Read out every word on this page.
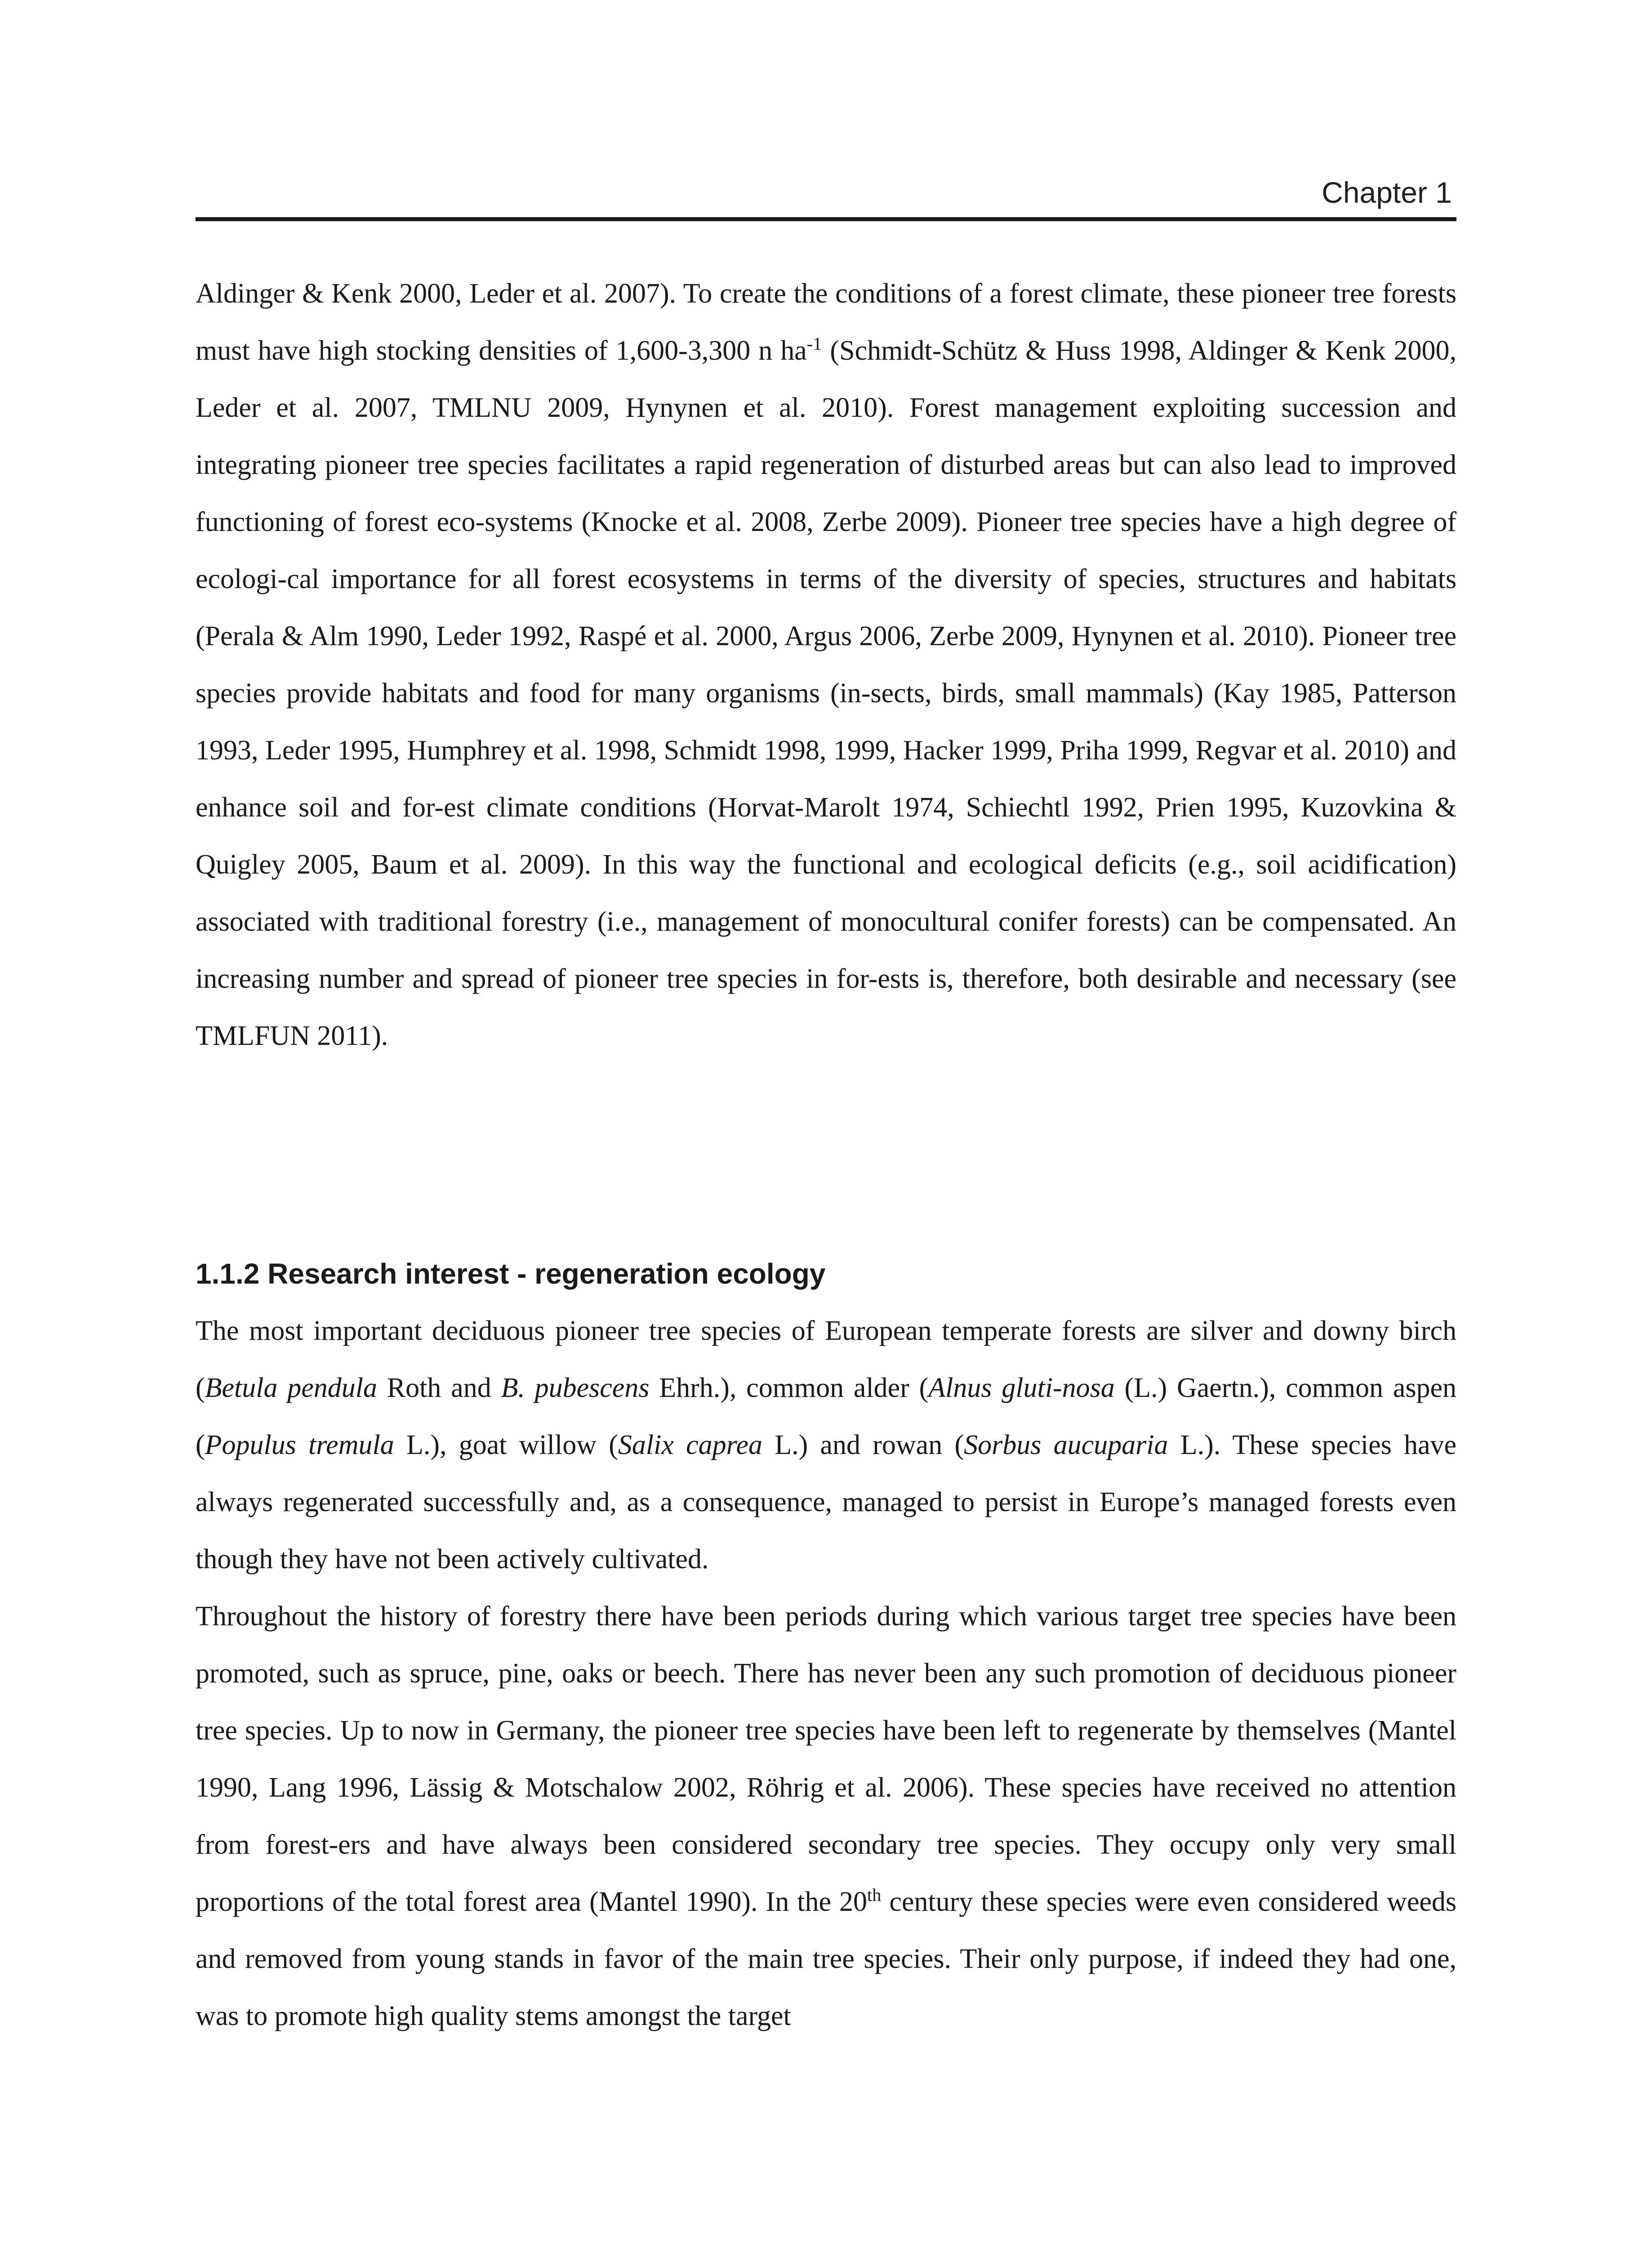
Chapter 1

Aldinger & Kenk 2000, Leder et al. 2007). To create the conditions of a forest climate, these pioneer tree forests must have high stocking densities of 1,600-3,300 n $ha^{-1}$ (Schmidt-Schütz & Huss 1998, Aldinger & Kenk 2000, Leder et al. 2007, TMLNU 2009, Hynynen et al. 2010). Forest management exploiting succession and integrating pioneer tree species facilitates a rapid regeneration of disturbed areas but can also lead to improved functioning of forest eco-systems (Knocke et al. 2008, Zerbe 2009). Pioneer tree species have a high degree of ecologi-cal importance for all forest ecosystems in terms of the diversity of species, structures and habitats (Perala & Alm 1990, Leder 1992, Raspé et al. 2000, Argus 2006, Zerbe 2009, Hynynen et al. 2010). Pioneer tree species provide habitats and food for many organisms (in-sects, birds, small mammals) (Kay 1985, Patterson 1993, Leder 1995, Humphrey et al. 1998, Schmidt 1998, 1999, Hacker 1999, Priha 1999, Regvar et al. 2010) and enhance soil and for-est climate conditions (Horvat-Marolt 1974, Schiechtl 1992, Prien 1995, Kuzovkina & Quigley 2005, Baum et al. 2009). In this way the functional and ecological deficits (e.g., soil acidification) associated with traditional forestry (i.e., management of monocultural conifer forests) can be compensated. An increasing number and spread of pioneer tree species in for-ests is, therefore, both desirable and necessary (see TMLFUN 2011).

1.1.2 Research interest - regeneration ecology

The most important deciduous pioneer tree species of European temperate forests are silver and downy birch (Betula pendula Roth and B. pubescens Ehrh.), common alder (Alnus gluti-nosa (L.) Gaertn.), common aspen (Populus tremula L.), goat willow (Salix caprea L.) and rowan (Sorbus aucuparia L.). These species have always regenerated successfully and, as a consequence, managed to persist in Europe’s managed forests even though they have not been actively cultivated.

Throughout the history of forestry there have been periods during which various target tree species have been promoted, such as spruce, pine, oaks or beech. There has never been any such promotion of deciduous pioneer tree species. Up to now in Germany, the pioneer tree species have been left to regenerate by themselves (Mantel 1990, Lang 1996, Lässig & Motschalow 2002, Röhrig et al. 2006). These species have received no attention from forest-ers and have always been considered secondary tree species. They occupy only very small proportions of the total forest area (Mantel 1990). In the 20th century these species were even considered weeds and removed from young stands in favor of the main tree species. Their only purpose, if indeed they had one, was to promote high quality stems amongst the target
